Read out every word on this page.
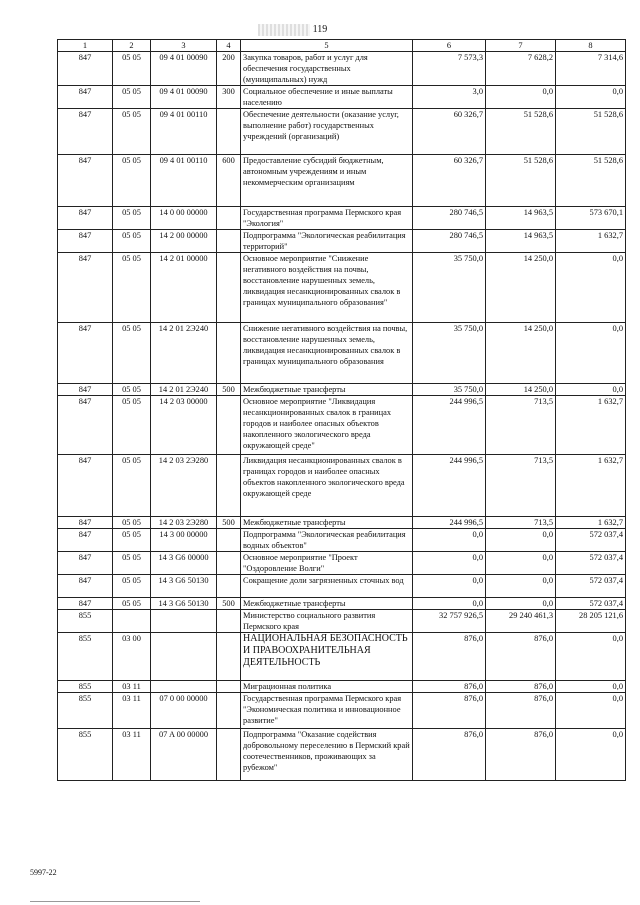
119
1	2	3	4	5	6	7	8
847	05 05	09 4 01 00090	200	Закупка товаров, работ и услуг для обеспечения государственных (муниципальных) нужд	7 573,3	7 628,2	7 314,6
847	05 05	09 4 01 00090	300	Социальное обеспечение и иные выплаты населению	3,0	0,0	0,0
847	05 05	09 4 01 00110		Обеспечение деятельности (оказание услуг, выполнение работ) государственных учреждений (организаций)	60 326,7	51 528,6	51 528,6
847	05 05	09 4 01 00110	600	Предоставление субсидий бюджетным, автономным учреждениям и иным некоммерческим организациям	60 326,7	51 528,6	51 528,6
847	05 05	14 0 00 00000		Государственная программа Пермского края "Экология"	280 746,5	14 963,5	573 670,1
847	05 05	14 2 00 00000		Подпрограмма "Экологическая реабилитация территорий"	280 746,5	14 963,5	1 632,7
847	05 05	14 2 01 00000		Основное мероприятие "Снижение негативного воздействия на почвы, восстановление нарушенных земель, ликвидация несанкционированных свалок в границах муниципального образования"	35 750,0	14 250,0	0,0
847	05 05	14 2 01 2Э240		Снижение негативного воздействия на почвы, восстановление нарушенных земель, ликвидация несанкционированных свалок в границах муниципального образования	35 750,0	14 250,0	0,0
847	05 05	14 2 01 2Э240	500	Межбюджетные трансферты	35 750,0	14 250,0	0,0
847	05 05	14 2 03 00000		Основное мероприятие "Ликвидация несанкционированных свалок в границах городов и наиболее опасных объектов накопленного экологического вреда окружающей среде"	244 996,5	713,5	1 632,7
847	05 05	14 2 03 2Э280		Ликвидация несанкционированных свалок в границах городов и наиболее опасных объектов накопленного экологического вреда окружающей среде	244 996,5	713,5	1 632,7
847	05 05	14 2 03 2Э280	500	Межбюджетные трансферты	244 996,5	713,5	1 632,7
847	05 05	14 3 00 00000		Подпрограмма "Экологическая реабилитация водных объектов"	0,0	0,0	572 037,4
847	05 05	14 3 G6 00000		Основное мероприятие "Проект "Оздоровление Волги"	0,0	0,0	572 037,4
847	05 05	14 3 G6 50130		Сокращение доли загрязненных сточных вод	0,0	0,0	572 037,4
847	05 05	14 3 G6 50130	500	Межбюджетные трансферты	0,0	0,0	572 037,4
855				Министерство социального развития Пермского края	32 757 926,5	29 240 461,3	28 205 121,6
855	03 00			НАЦИОНАЛЬНАЯ БЕЗОПАСНОСТЬ И ПРАВООХРАНИТЕЛЬНАЯ ДЕЯТЕЛЬНОСТЬ	876,0	876,0	0,0
855	03 11			Миграционная политика	876,0	876,0	0,0
855	03 11	07 0 00 00000		Государственная программа Пермского края "Экономическая политика и инновационное развитие"	876,0	876,0	0,0
855	03 11	07 A 00 00000		Подпрограмма "Оказание содействия добровольному переселению в Пермский край соотечественников, проживающих за рубежом"	876,0	876,0	0,0
5997-22
